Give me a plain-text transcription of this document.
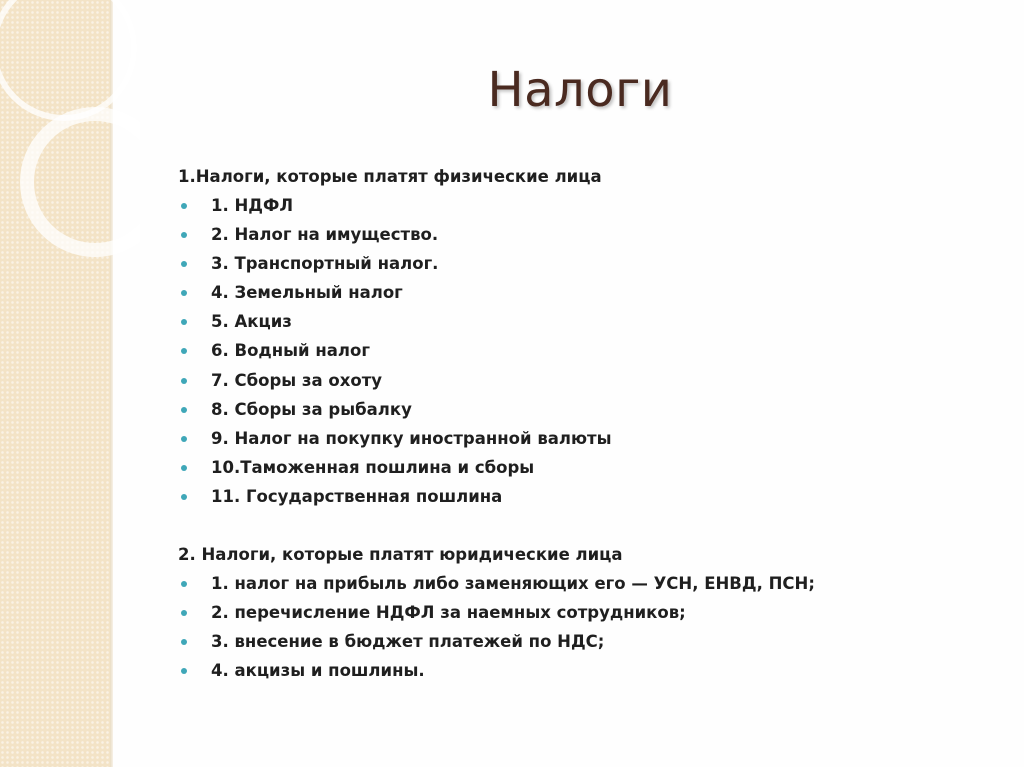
Налоги
1.Налоги, которые платят физические лица
1. НДФЛ
2. Налог на имущество.
3. Транспортный налог.
4. Земельный налог
5. Акциз
6. Водный налог
7. Сборы за охоту
8. Сборы за рыбалку
9. Налог на покупку иностранной валюты
10.Таможенная пошлина и сборы
11. Государственная пошлина
2. Налоги, которые платят юридические лица
1. налог на прибыль либо заменяющих его — УСН, ЕНВД, ПСН;
2. перечисление НДФЛ за наемных сотрудников;
3. внесение в бюджет платежей по НДС;
4. акцизы и пошлины.
